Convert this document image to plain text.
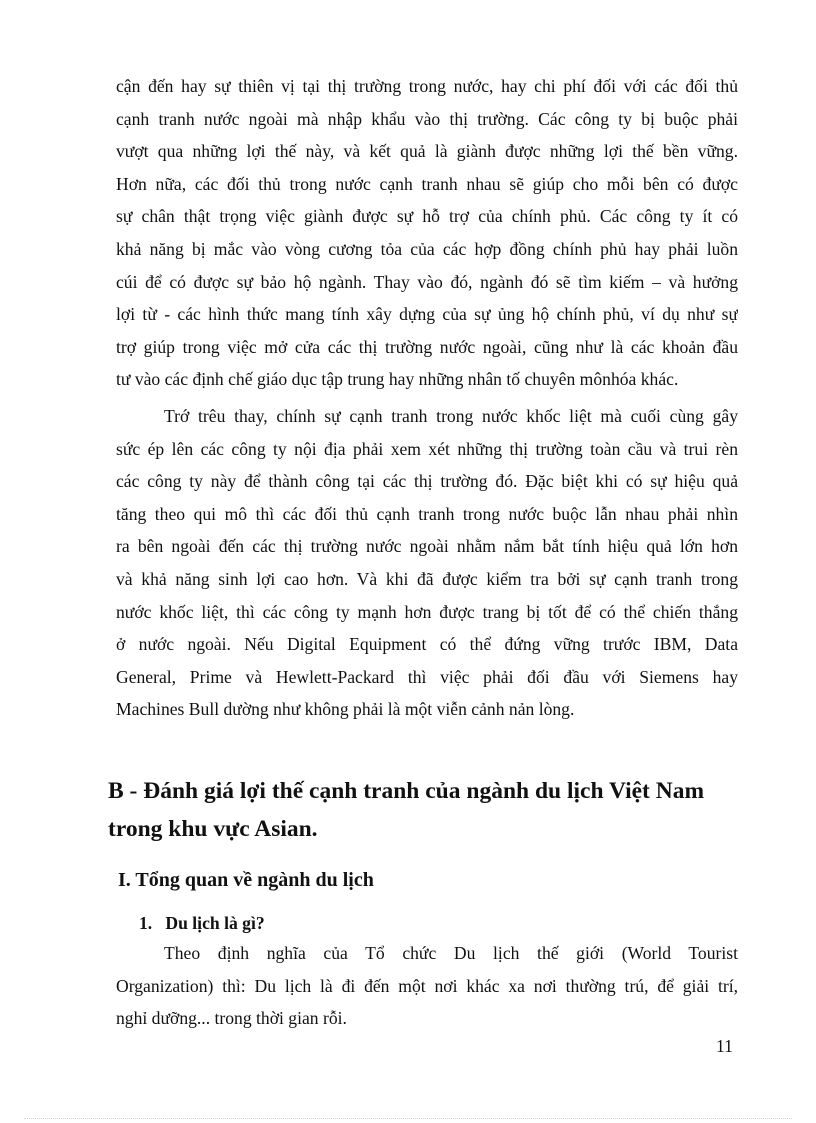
cận đến hay sự thiên vị tại thị trường trong nước, hay chi phí đối với các đối thủ
cạnh tranh nước ngoài mà nhập khẩu vào thị trường. Các công ty bị buộc phải
vượt qua những lợi thế này, và kết quả là giành được những lợi thế bền vững.
Hơn nữa, các đối thủ trong nước cạnh tranh nhau sẽ giúp cho mỗi bên có được
sự chân thật trọng việc giành được sự hỗ trợ của chính phủ. Các công ty ít có
khả năng bị mắc vào vòng cương tỏa của các hợp đồng chính phủ hay phải luồn
cúi để có được sự bảo hộ ngành. Thay vào đó, ngành đó sẽ tìm kiếm – và hưởng
lợi từ - các hình thức mang tính xây dựng của sự ủng hộ chính phủ, ví dụ như sự
trợ giúp trong việc mở cửa các thị trường nước ngoài, cũng như là các khoản đầu
tư vào các định chế giáo dục tập trung hay những nhân tố chuyên mônhóa khác.
Trớ trêu thay, chính sự cạnh tranh trong nước khốc liệt mà cuối cùng gây
sức ép lên các công ty nội địa phải xem xét những thị trường toàn cầu và trui rèn
các công ty này để thành công tại các thị trường đó. Đặc biệt khi có sự hiệu quả
tăng theo qui mô thì các đối thủ cạnh tranh trong nước buộc lẫn nhau phải nhìn
ra bên ngoài đến các thị trường nước ngoài nhằm nắm bắt tính hiệu quả lớn hơn
và khả năng sinh lợi cao hơn. Và khi đã được kiểm tra bởi sự cạnh tranh trong
nước khốc liệt, thì các công ty mạnh hơn được trang bị tốt để có thể chiến thắng
ở nước ngoài. Nếu Digital Equipment có thể đứng vững trước IBM, Data
General, Prime và Hewlett-Packard thì việc phải đối đầu với Siemens hay
Machines Bull dường như không phải là một viễn cảnh nản lòng.
B - Đánh giá lợi thế cạnh tranh của ngành du lịch Việt Nam
trong khu vực Asian.
I. Tổng quan về ngành du lịch
1. Du lịch là gì?
Theo định nghĩa của Tổ chức Du lịch thế giới (World Tourist
Organization) thì: Du lịch là đi đến một nơi khác xa nơi thường trú, để giải trí,
nghỉ dưỡng... trong thời gian rỗi.
11
